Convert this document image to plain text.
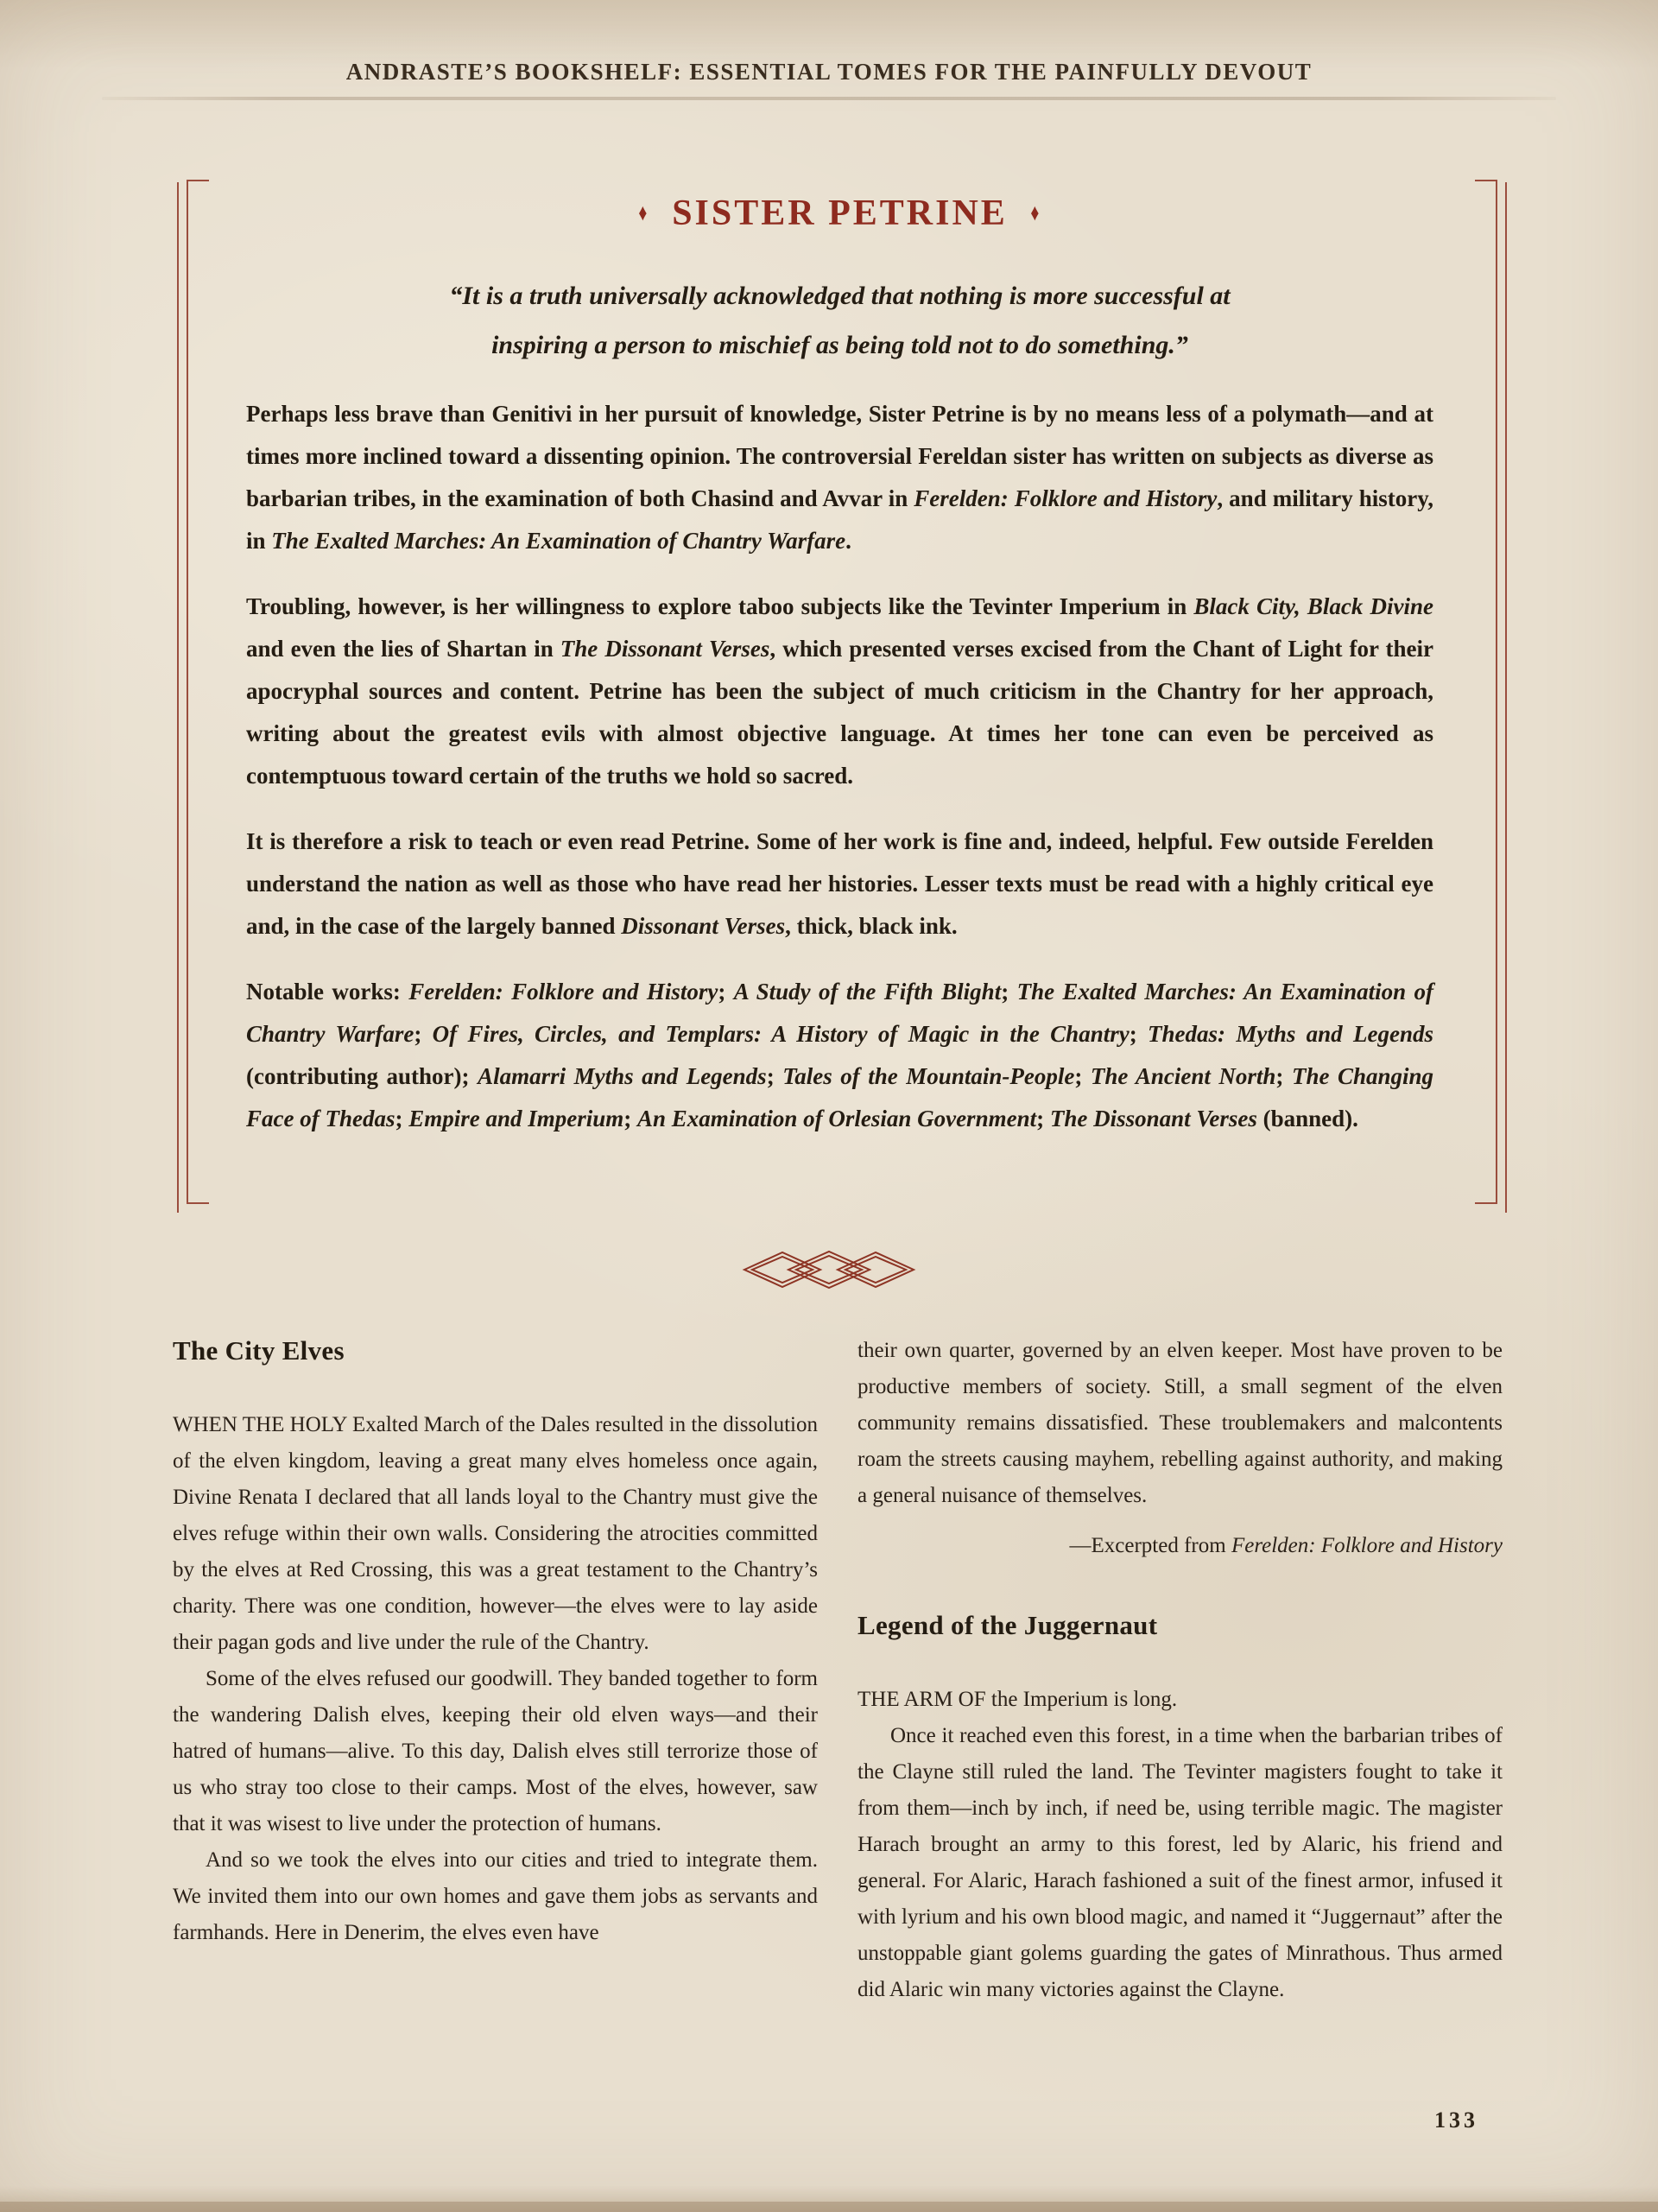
ANDRASTE’S BOOKSHELF: ESSENTIAL TOMES FOR THE PAINFULLY DEVOUT
♦ SISTER PETRINE ♦

“It is a truth universally acknowledged that nothing is more successful at
inspiring a person to mischief as being told not to do something.”

Perhaps less brave than Genitivi in her pursuit of knowledge, Sister Petrine is by no means less of a polymath—and at times more inclined toward a dissenting opinion. The controversial Fereldan sister has written on subjects as diverse as barbarian tribes, in the examination of both Chasind and Avvar in Ferelden: Folklore and History, and military history, in The Exalted Marches: An Examination of Chantry Warfare.

Troubling, however, is her willingness to explore taboo subjects like the Tevinter Imperium in Black City, Black Divine and even the lies of Shartan in The Dissonant Verses, which presented verses excised from the Chant of Light for their apocryphal sources and content. Petrine has been the subject of much criticism in the Chantry for her approach, writing about the greatest evils with almost objective language. At times her tone can even be perceived as contemptuous toward certain of the truths we hold so sacred.

It is therefore a risk to teach or even read Petrine. Some of her work is fine and, indeed, helpful. Few outside Ferelden understand the nation as well as those who have read her histories. Lesser texts must be read with a highly critical eye and, in the case of the largely banned Dissonant Verses, thick, black ink.

Notable works: Ferelden: Folklore and History; A Study of the Fifth Blight; The Exalted Marches: An Examination of Chantry Warfare; Of Fires, Circles, and Templars: A History of Magic in the Chantry; Thedas: Myths and Legends (contributing author); Alamarri Myths and Legends; Tales of the Mountain-People; The Ancient North; The Changing Face of Thedas; Empire and Imperium; An Examination of Orlesian Government; The Dissonant Verses (banned).

The City Elves

WHEN THE HOLY Exalted March of the Dales resulted in the dissolution of the elven kingdom, leaving a great many elves homeless once again, Divine Renata I declared that all lands loyal to the Chantry must give the elves refuge within their own walls. Considering the atrocities committed by the elves at Red Crossing, this was a great testament to the Chantry’s charity. There was one condition, however—the elves were to lay aside their pagan gods and live under the rule of the Chantry.

Some of the elves refused our goodwill. They banded together to form the wandering Dalish elves, keeping their old elven ways—and their hatred of humans—alive. To this day, Dalish elves still terrorize those of us who stray too close to their camps. Most of the elves, however, saw that it was wisest to live under the protection of humans.

And so we took the elves into our cities and tried to integrate them. We invited them into our own homes and gave them jobs as servants and farmhands. Here in Denerim, the elves even have

their own quarter, governed by an elven keeper. Most have proven to be productive members of society. Still, a small segment of the elven community remains dissatisfied. These troublemakers and malcontents roam the streets causing mayhem, rebelling against authority, and making a general nuisance of themselves.

—Excerpted from Ferelden: Folklore and History

Legend of the Juggernaut

THE ARM OF the Imperium is long.

Once it reached even this forest, in a time when the barbarian tribes of the Clayne still ruled the land. The Tevinter magisters fought to take it from them—inch by inch, if need be, using terrible magic. The magister Harach brought an army to this forest, led by Alaric, his friend and general. For Alaric, Harach fashioned a suit of the finest armor, infused it with lyrium and his own blood magic, and named it “Juggernaut” after the unstoppable giant golems guarding the gates of Minrathous. Thus armed did Alaric win many victories against the Clayne.

133
